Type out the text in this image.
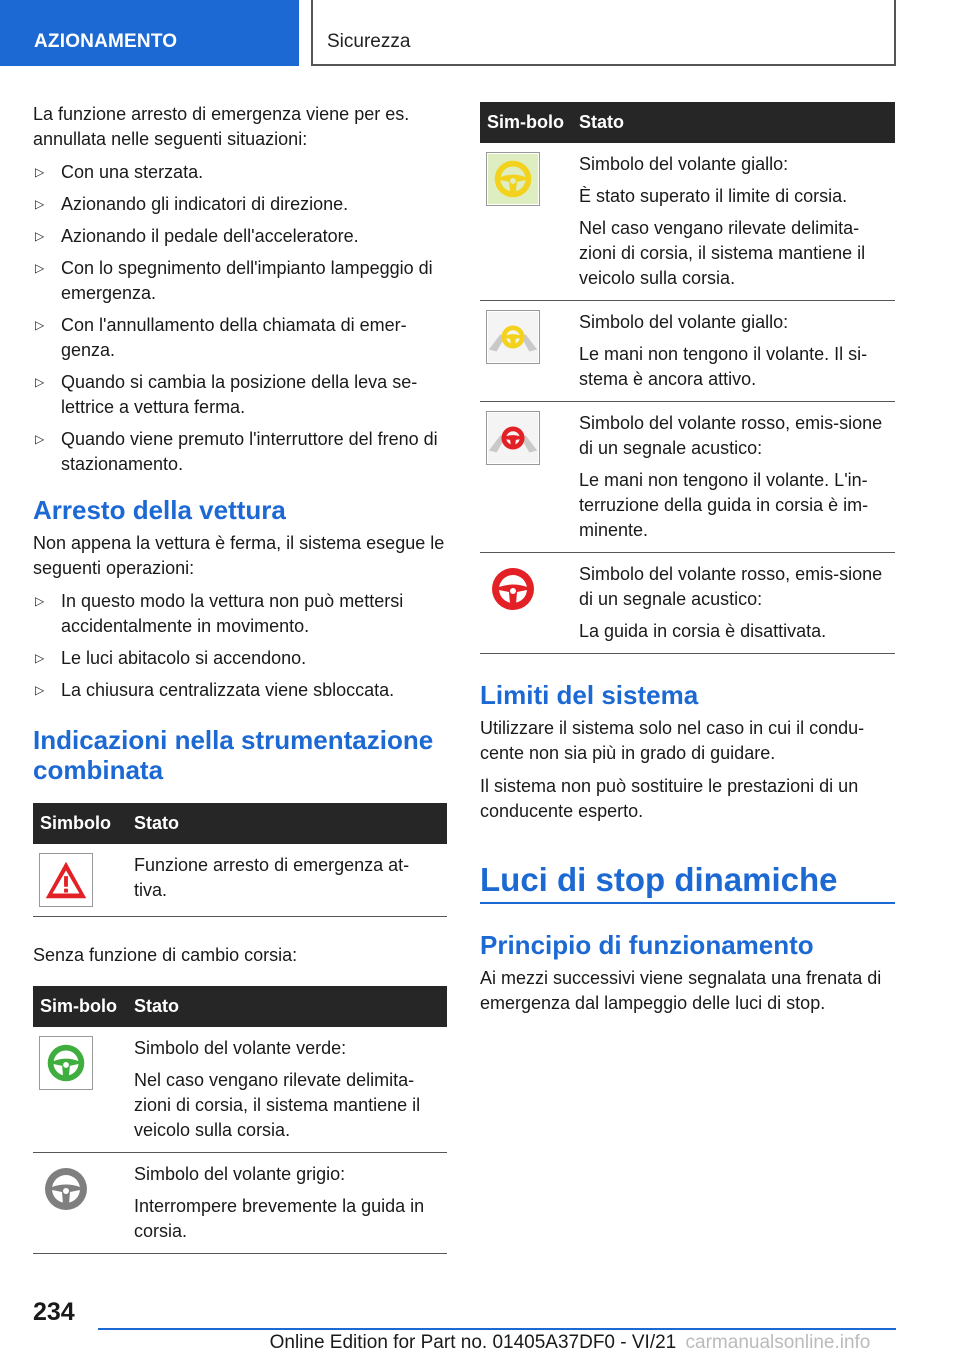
AZIONAMENTO	Sicurezza

La funzione arresto di emergenza viene per es. annullata nelle seguenti situazioni:

▷ Con una sterzata.
▷ Azionando gli indicatori di direzione.
▷ Azionando il pedale dell'acceleratore.
▷ Con lo spegnimento dell'impianto lampeggio di emergenza.
▷ Con l'annullamento della chiamata di emer-genza.
▷ Quando si cambia la posizione della leva se-lettrice a vettura ferma.
▷ Quando viene premuto l'interruttore del freno di stazionamento.
Arresto della vettura

Non appena la vettura è ferma, il sistema esegue le seguenti operazioni:

▷ In questo modo la vettura non può mettersi accidentalmente in movimento.
▷ Le luci abitacolo si accendono.
▷ La chiusura centralizzata viene sbloccata.
Indicazioni nella strumentazione combinata
Simbolo	Stato

Funzione arresto di emergenza at-tiva.

Senza funzione di cambio corsia:

Sim-bolo	Stato

Simbolo del volante verde:
Nel caso vengano rilevate delimita-zioni di corsia, il sistema mantiene il veicolo sulla corsia.

Simbolo del volante grigio:
Interrompere brevemente la guida in corsia.
Sim-bolo	Stato

Simbolo del volante giallo:
È stato superato il limite di corsia.
Nel caso vengano rilevate delimita-zioni di corsia, il sistema mantiene il veicolo sulla corsia.

Simbolo del volante giallo:
Le mani non tengono il volante. Il si-stema è ancora attivo.

Simbolo del volante rosso, emis-sione di un segnale acustico:
Le mani non tengono il volante. L'in-terruzione della guida in corsia è im-minente.

Simbolo del volante rosso, emis-sione di un segnale acustico:
La guida in corsia è disattivata.
Limiti del sistema

Utilizzare il sistema solo nel caso in cui il condu-cente non sia più in grado di guidare.

Il sistema non può sostituire le prestazioni di un conducente esperto.

Luci di stop dinamiche
Principio di funzionamento

Ai mezzi successivi viene segnalata una frenata di emergenza dal lampeggio delle luci di stop.

234
Online Edition for Part no. 01405A37DF0 - VI/21 carmanualsonline.info
